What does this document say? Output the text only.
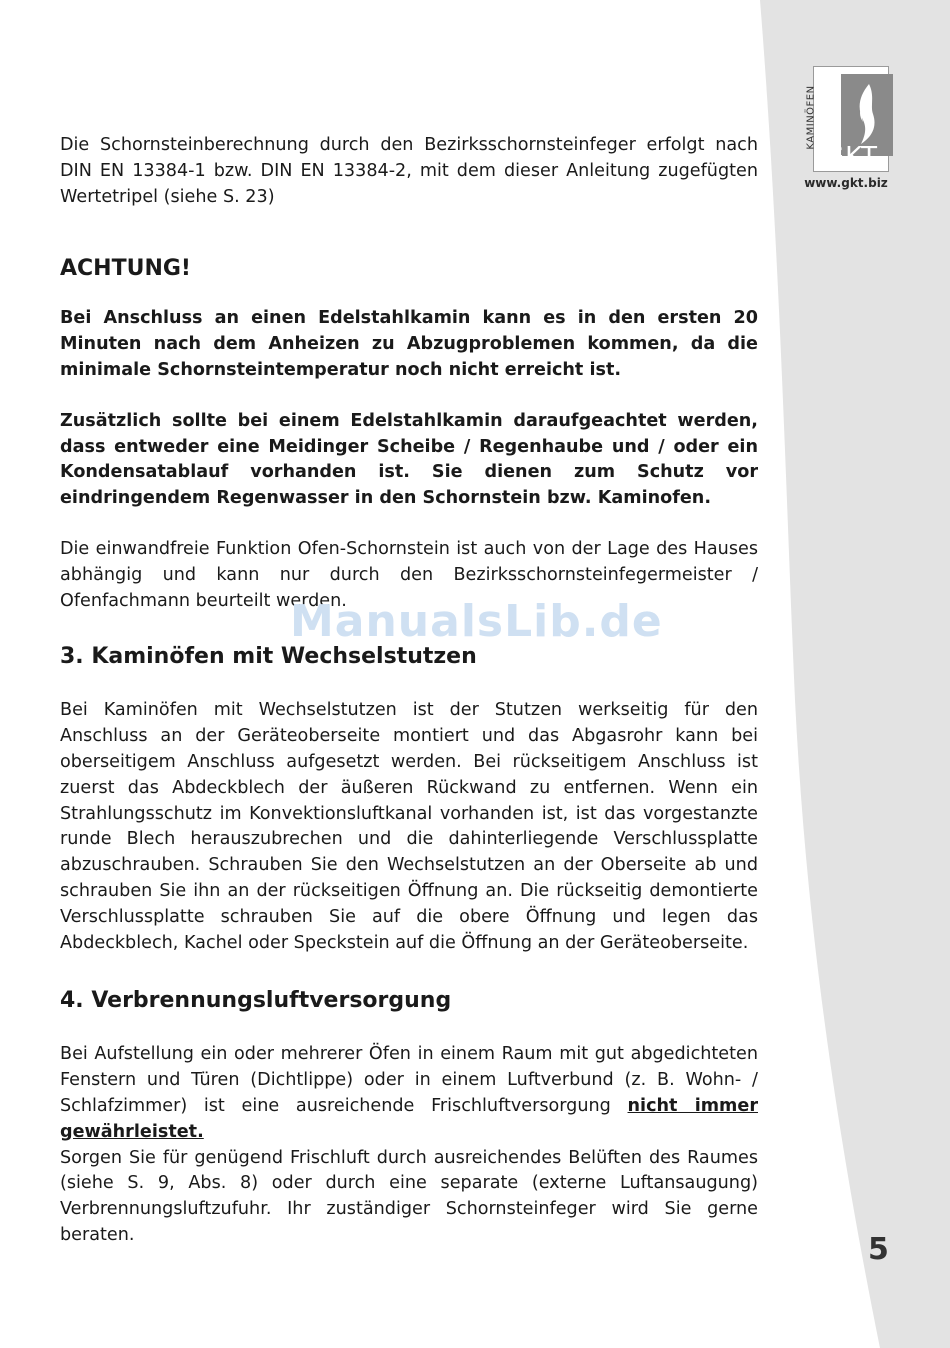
GKT
KAMINÖFEN
www.gkt.biz

Die Schornsteinberechnung durch den Bezirksschornsteinfeger erfolgt nach DIN EN 13384-1 bzw. DIN EN 13384-2, mit dem dieser Anleitung zugefügten Wertetripel (siehe S. 23)

ACHTUNG!

Bei Anschluss an einen Edelstahlkamin kann es in den ersten 20 Minuten nach dem Anheizen zu Abzugproblemen kommen, da die minimale Schornsteintemperatur noch nicht erreicht ist.

Zusätzlich sollte bei einem Edelstahlkamin daraufgeachtet werden, dass entweder eine Meidinger Scheibe / Regenhaube und / oder ein Kondensatablauf vorhanden ist. Sie dienen zum Schutz vor eindringendem Regenwasser in den Schornstein bzw. Kaminofen.

Die einwandfreie Funktion Ofen-Schornstein ist auch von der Lage des Hauses abhängig und kann nur durch den Bezirksschornsteinfegermeister / Ofenfachmann beurteilt werden.

3. Kaminöfen mit Wechselstutzen

Bei Kaminöfen mit Wechselstutzen ist der Stutzen werkseitig für den Anschluss an der Geräteoberseite montiert und das Abgasrohr kann bei oberseitigem Anschluss aufgesetzt werden. Bei rückseitigem Anschluss ist zuerst das Abdeckblech der äußeren Rückwand zu entfernen. Wenn ein Strahlungsschutz im Konvektionsluftkanal vorhanden ist, ist das vorgestanzte runde Blech herauszubrechen und die dahinterliegende Verschlussplatte abzuschrauben. Schrauben Sie den Wechselstutzen an der Oberseite ab und schrauben Sie ihn an der rückseitigen Öffnung an. Die rückseitig demontierte Verschlussplatte schrauben Sie auf die obere Öffnung und legen das Abdeckblech, Kachel oder Speckstein auf die Öffnung an der Geräteoberseite.

4. Verbrennungsluftversorgung

Bei Aufstellung ein oder mehrerer Öfen in einem Raum mit gut abgedichteten Fenstern und Türen (Dichtlippe) oder in einem Luftverbund (z. B. Wohn- / Schlafzimmer) ist eine ausreichende Frischluftversorgung nicht immer gewährleistet.

Sorgen Sie für genügend Frischluft durch ausreichendes Belüften des Raumes (siehe S. 9, Abs. 8) oder durch eine separate (externe Luftansaugung) Verbrennungsluftzufuhr. Ihr zuständiger Schornsteinfeger wird Sie gerne beraten.

ManualsLib.de
5
